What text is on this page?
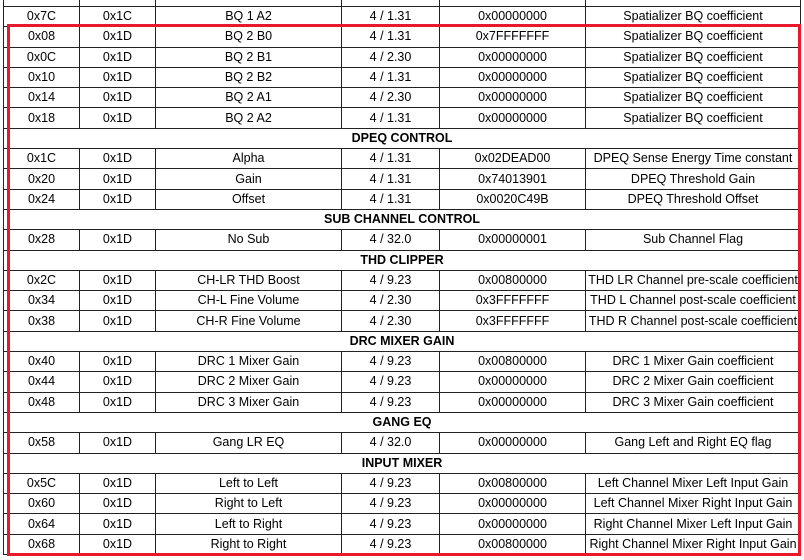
0x7C	0x1C	BQ 1 A2	4 / 1.31	0x00000000	Spatializer BQ coefficient
0x08	0x1D	BQ 2 B0	4 / 1.31	0x7FFFFFFF	Spatializer BQ coefficient
0x0C	0x1D	BQ 2 B1	4 / 2.30	0x00000000	Spatializer BQ coefficient
0x10	0x1D	BQ 2 B2	4 / 1.31	0x00000000	Spatializer BQ coefficient
0x14	0x1D	BQ 2 A1	4 / 2.30	0x00000000	Spatializer BQ coefficient
0x18	0x1D	BQ 2 A2	4 / 1.31	0x00000000	Spatializer BQ coefficient
DPEQ CONTROL					
0x1C	0x1D	Alpha	4 / 1.31	0x02DEAD00	DPEQ Sense Energy Time constant
0x20	0x1D	Gain	4 / 1.31	0x74013901	DPEQ Threshold Gain
0x24	0x1D	Offset	4 / 1.31	0x0020C49B	DPEQ Threshold Offset
SUB CHANNEL CONTROL					
0x28	0x1D	No Sub	4 / 32.0	0x00000001	Sub Channel Flag
THD CLIPPER					
0x2C	0x1D	CH-LR THD Boost	4 / 9.23	0x00800000	THD LR Channel pre-scale coefficient
0x34	0x1D	CH-L Fine Volume	4 / 2.30	0x3FFFFFFF	THD L Channel post-scale coefficient
0x38	0x1D	CH-R Fine Volume	4 / 2.30	0x3FFFFFFF	THD R Channel post-scale coefficient
DRC MIXER GAIN					
0x40	0x1D	DRC 1 Mixer Gain	4 / 9.23	0x00800000	DRC 1 Mixer Gain coefficient
0x44	0x1D	DRC 2 Mixer Gain	4 / 9.23	0x00000000	DRC 2 Mixer Gain coefficient
0x48	0x1D	DRC 3 Mixer Gain	4 / 9.23	0x00000000	DRC 3 Mixer Gain coefficient
GANG EQ					
0x58	0x1D	Gang LR EQ	4 / 32.0	0x00000000	Gang Left and Right EQ flag
INPUT MIXER					
0x5C	0x1D	Left to Left	4 / 9.23	0x00800000	Left Channel Mixer Left Input Gain
0x60	0x1D	Right to Left	4 / 9.23	0x00000000	Left Channel Mixer Right Input Gain
0x64	0x1D	Left to Right	4 / 9.23	0x00000000	Right Channel Mixer Left Input Gain
0x68	0x1D	Right to Right	4 / 9.23	0x00800000	Right Channel Mixer Right Input Gain
